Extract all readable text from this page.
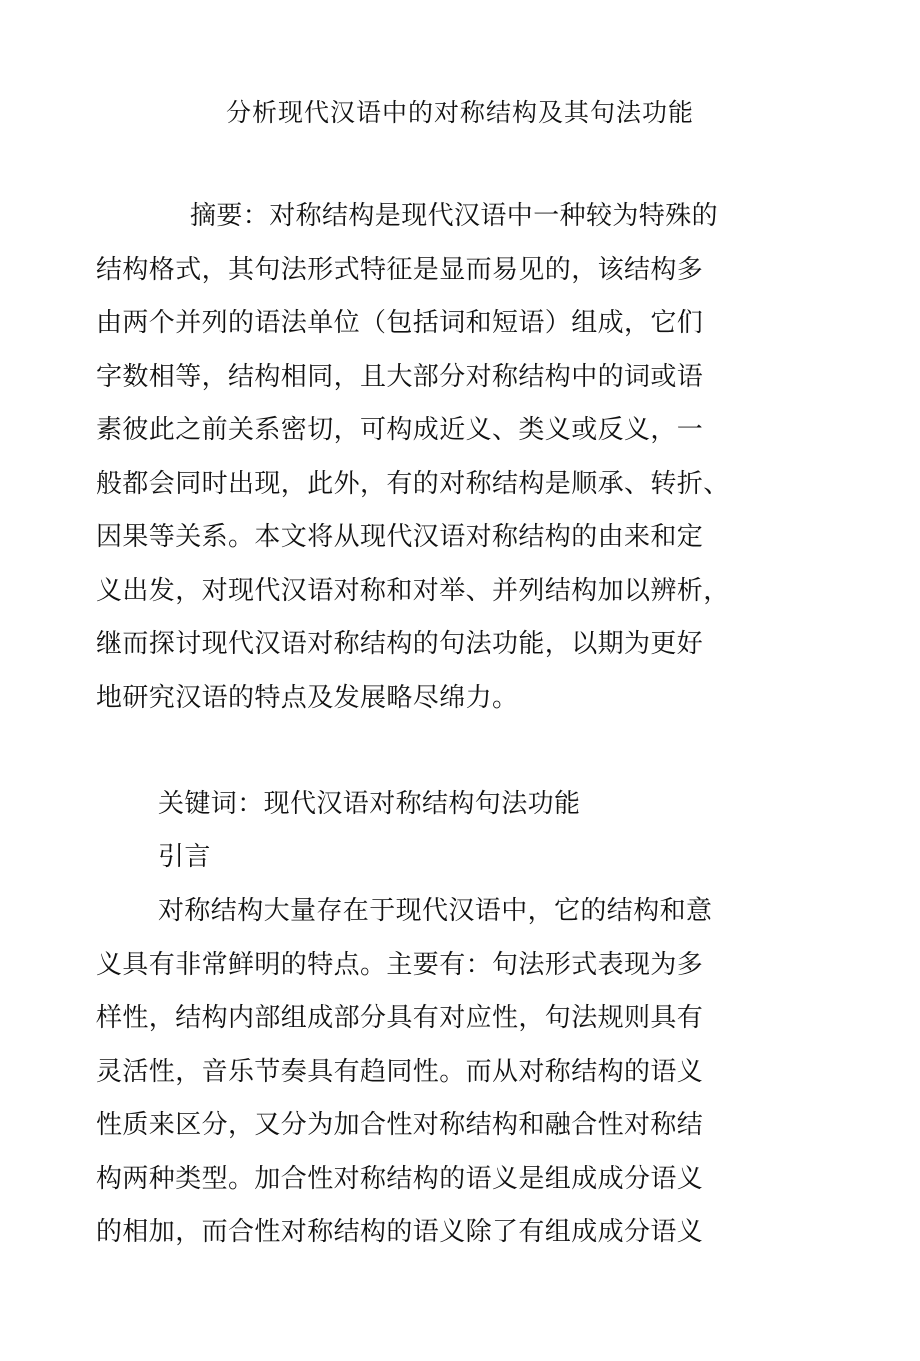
分析现代汉语中的对称结构及其句法功能
摘要：对称结构是现代汉语中一种较为特殊的
结构格式，其句法形式特征是显而易见的，该结构多
由两个并列的语法单位（包括词和短语）组成，它们
字数相等，结构相同，且大部分对称结构中的词或语
素彼此之前关系密切，可构成近义、类义或反义，一
般都会同时出现，此外，有的对称结构是顺承、转折、
因果等关系。本文将从现代汉语对称结构的由来和定
义出发，对现代汉语对称和对举、并列结构加以辨析，
继而探讨现代汉语对称结构的句法功能，以期为更好
地研究汉语的特点及发展略尽绵力。

关键词：现代汉语对称结构句法功能

引言

对称结构大量存在于现代汉语中，它的结构和意
义具有非常鲜明的特点。主要有：句法形式表现为多
样性，结构内部组成部分具有对应性，句法规则具有
灵活性，音乐节奏具有趋同性。而从对称结构的语义
性质来区分，又分为加合性对称结构和融合性对称结
构两种类型。加合性对称结构的语义是组成成分语义
的相加，而合性对称结构的语义除了有组成成分语义
